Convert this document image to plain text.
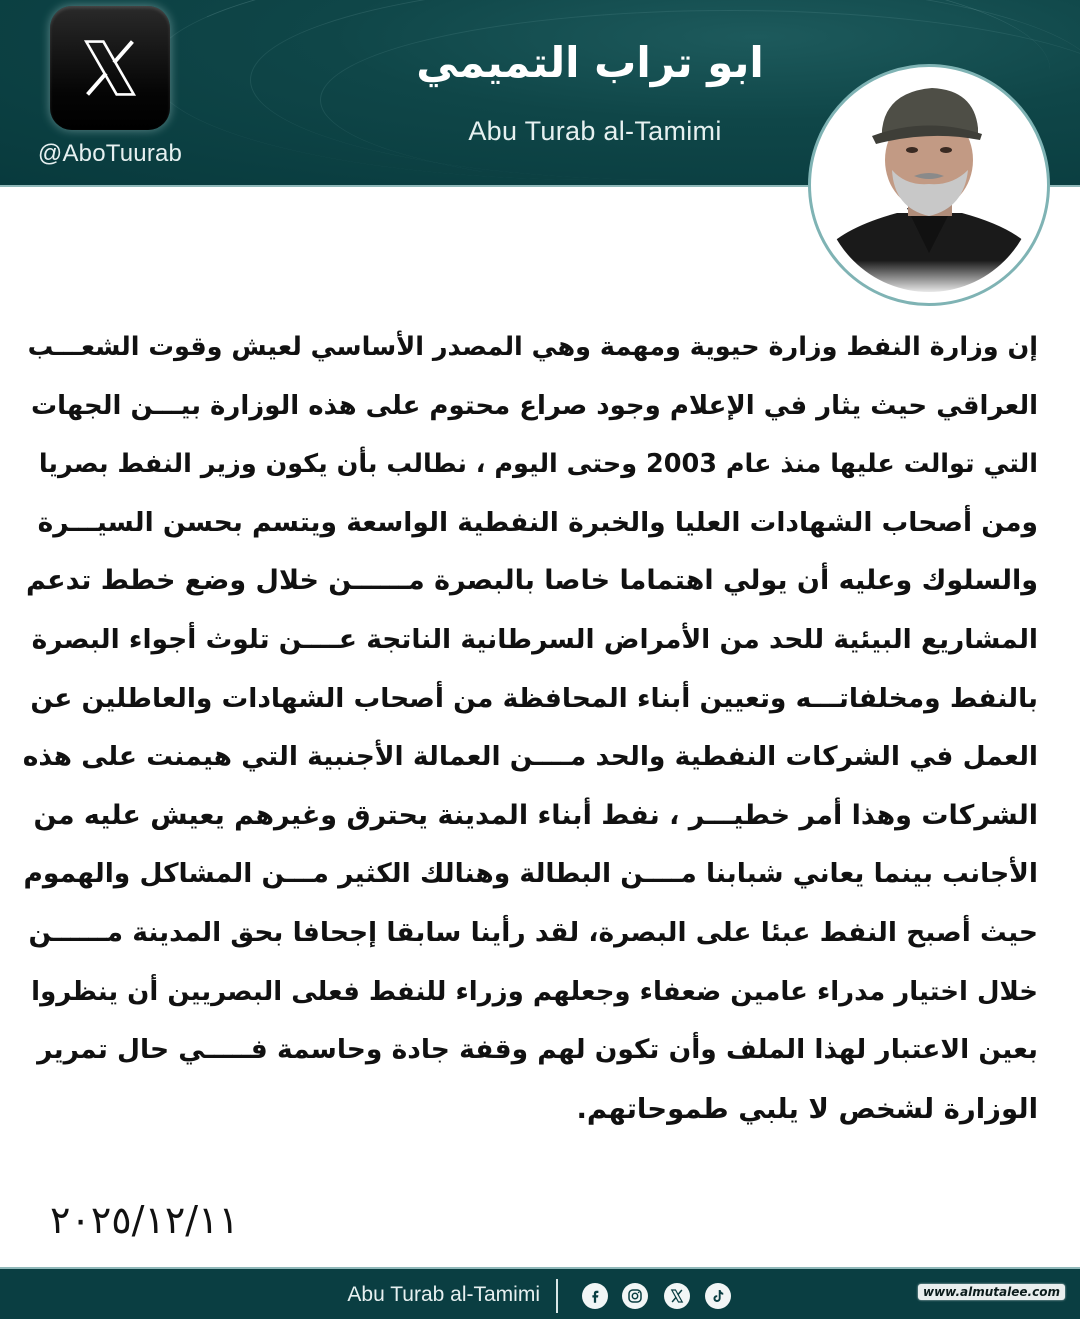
@AboTuurab
ابو تراب التميمي
Abu Turab al-Tamimi
إن وزارة النفط وزارة حيوية ومهمة وهي المصدر الأساسي لعيش وقوت الشعـــب
العراقي حيث يثار في الإعلام وجود صراع محتوم على هذه الوزارة بيـــن الجهات
التي توالت عليها منذ عام 2003 وحتى اليوم ، نطالب بأن يكون وزير النفط بصريا
ومن أصحاب الشهادات العليا والخبرة النفطية الواسعة ويتسم بحسن السيـــرة
والسلوك وعليه أن يولي اهتماما خاصا بالبصرة مــــــن خلال وضع خطط تدعم
المشاريع البيئية للحد من الأمراض السرطانية الناتجة عــــن تلوث أجواء البصرة
بالنفط ومخلفاتـــه وتعيين أبناء المحافظة من أصحاب الشهادات والعاطلين عن
العمل في الشركات النفطية والحد مــــن العمالة الأجنبية التي هيمنت على هذه
الشركات وهذا أمر خطيـــر ، نفط أبناء المدينة يحترق وغيرهم يعيش عليه من
الأجانب بينما يعاني شبابنا مــــن البطالة وهنالك الكثير مـــن المشاكل والهموم
حيث أصبح النفط عبئا على البصرة، لقد رأينا سابقا إجحافا بحق المدينة مــــــن
خلال اختيار مدراء عامين ضعفاء وجعلهم وزراء للنفط فعلى البصريين أن ينظروا
بعين الاعتبار لهذا الملف وأن تكون لهم وقفة جادة وحاسمة فـــــي حال تمرير
الوزارة لشخص لا يلبي طموحاتهم.
٢٠٢٥/١٢/١١
Abu Turab al-Tamimi	www.almutalee.com
